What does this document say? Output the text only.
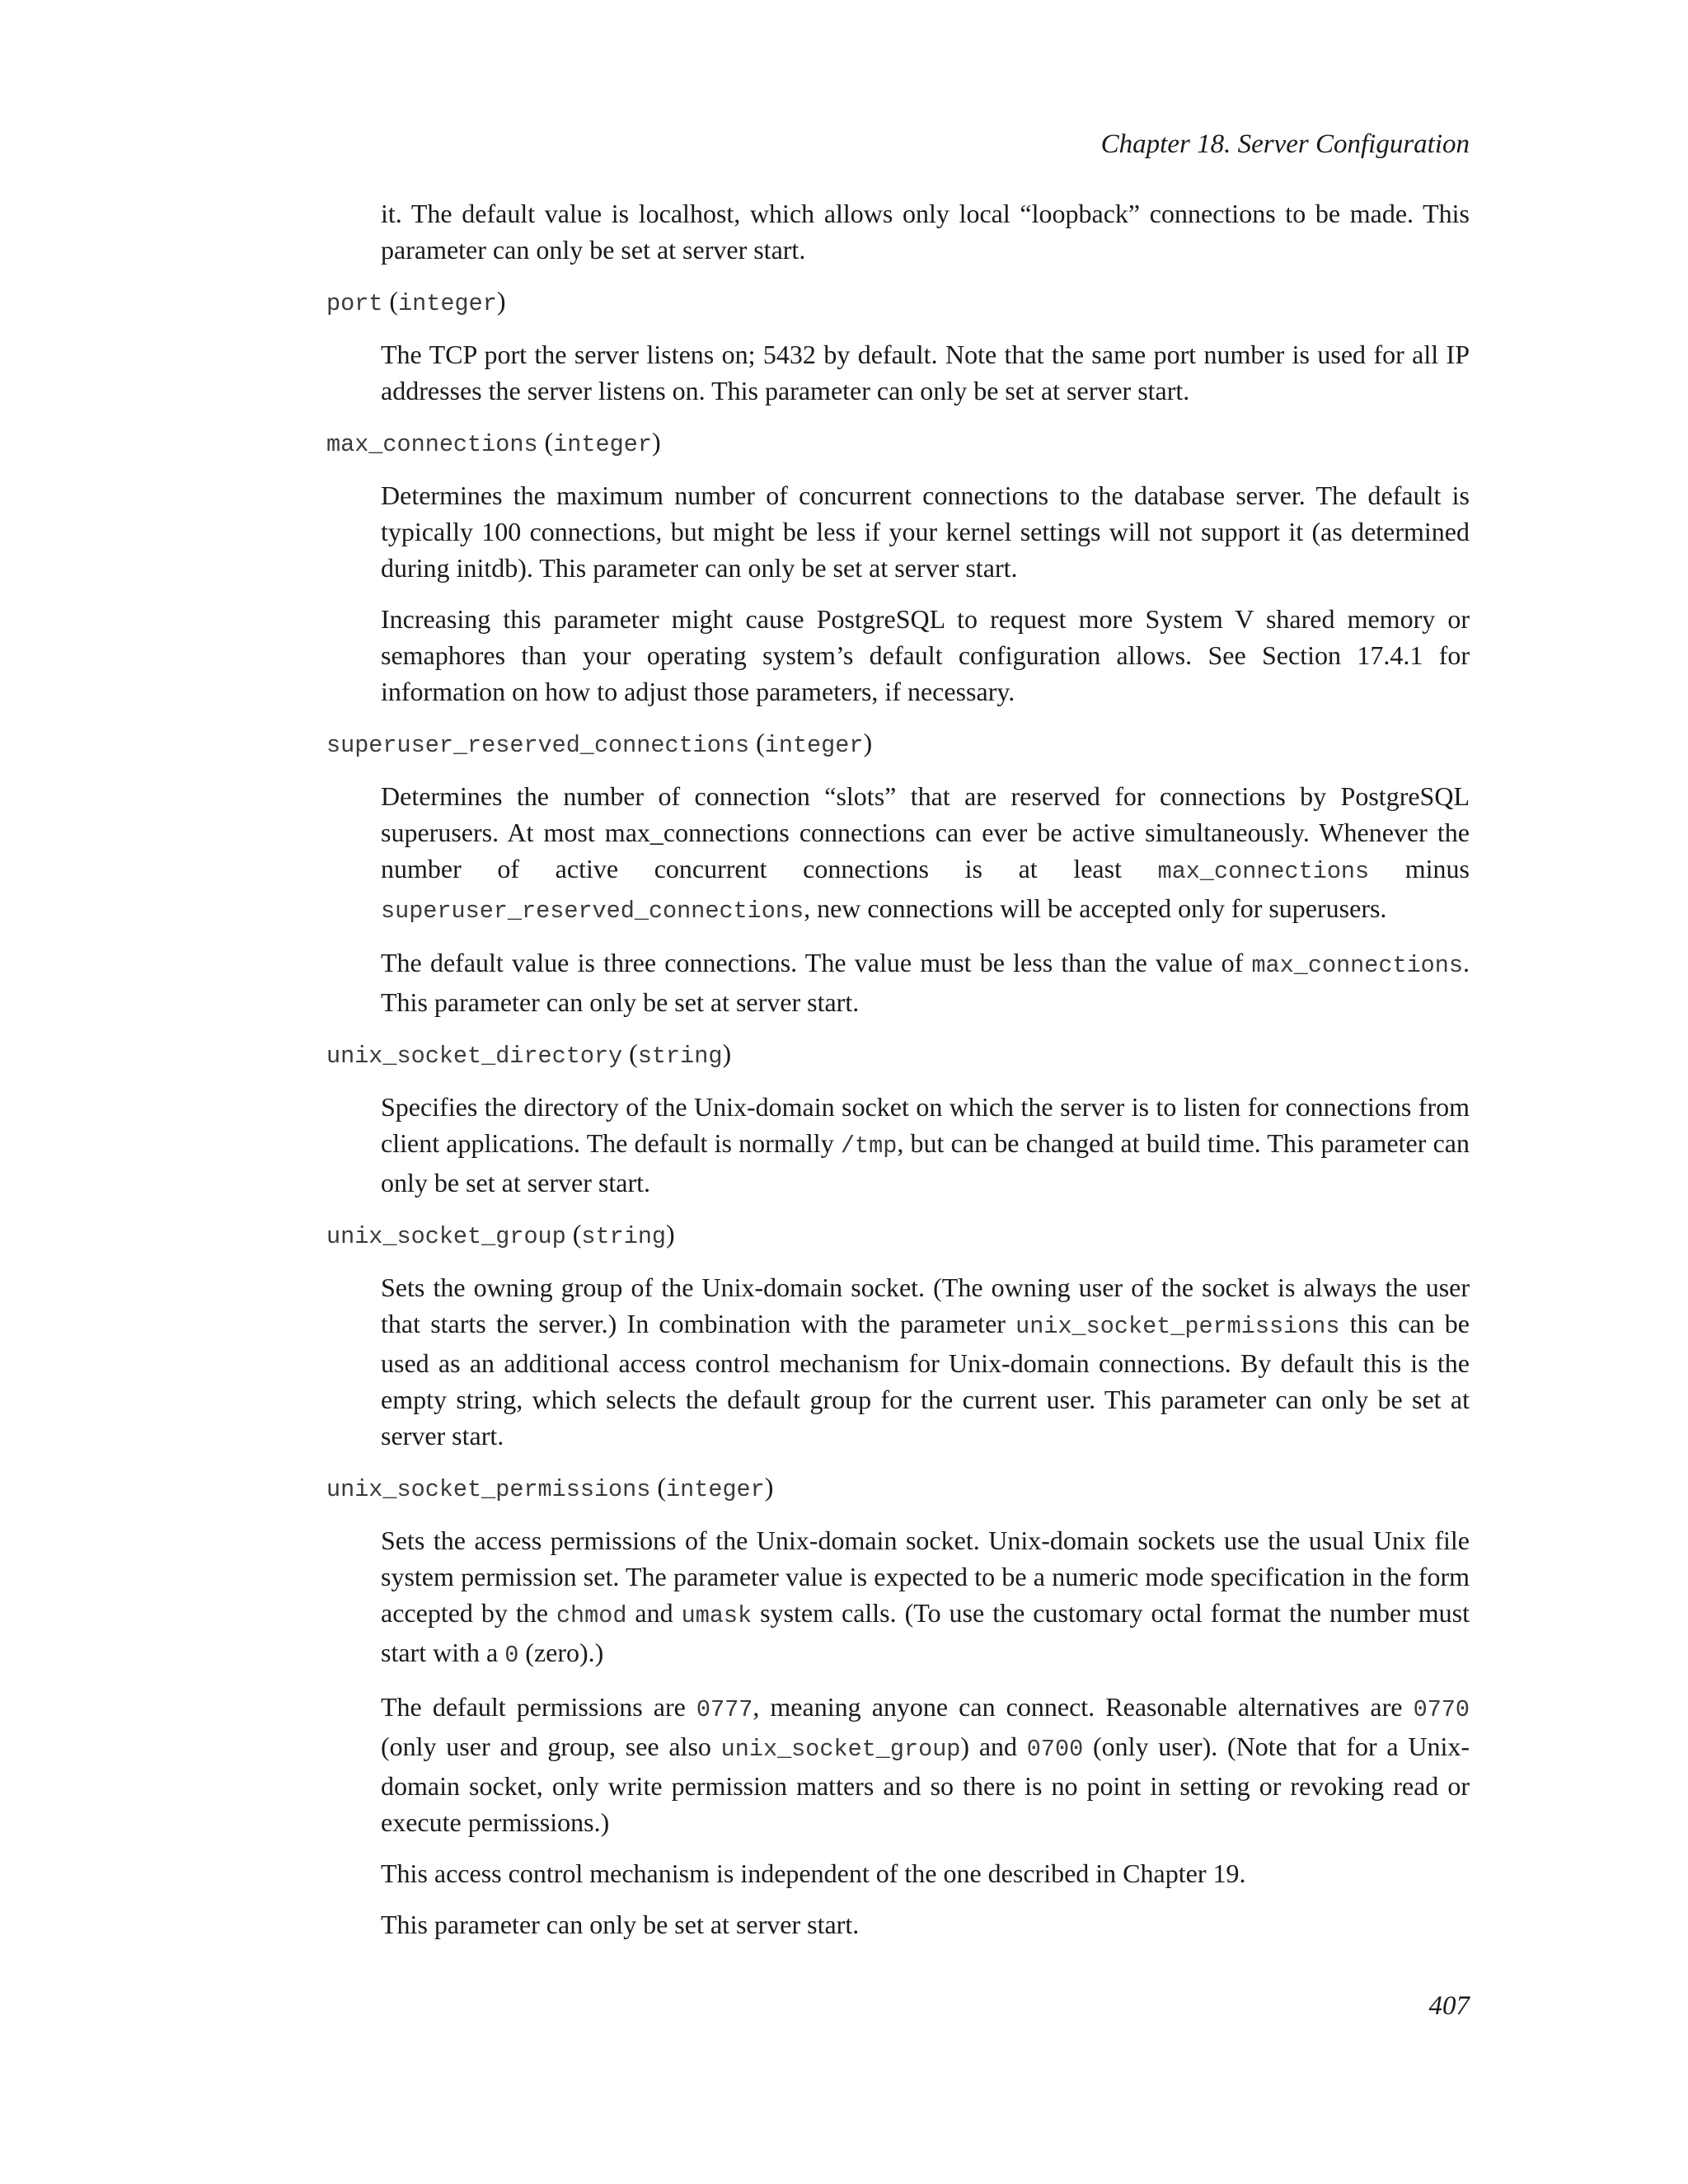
Chapter 18. Server Configuration

it. The default value is localhost, which allows only local “loopback” connections to be made. This parameter can only be set at server start.

port (integer)

The TCP port the server listens on; 5432 by default. Note that the same port number is used for all IP addresses the server listens on. This parameter can only be set at server start.

max_connections (integer)

Determines the maximum number of concurrent connections to the database server. The default is typically 100 connections, but might be less if your kernel settings will not support it (as determined during initdb). This parameter can only be set at server start.

Increasing this parameter might cause PostgreSQL to request more System V shared memory or semaphores than your operating system’s default configuration allows. See Section 17.4.1 for information on how to adjust those parameters, if necessary.

superuser_reserved_connections (integer)

Determines the number of connection “slots” that are reserved for connections by PostgreSQL superusers. At most max_connections connections can ever be active simultaneously. Whenever the number of active concurrent connections is at least max_connections minus superuser_reserved_connections, new connections will be accepted only for superusers.

The default value is three connections. The value must be less than the value of max_connections. This parameter can only be set at server start.

unix_socket_directory (string)

Specifies the directory of the Unix-domain socket on which the server is to listen for connections from client applications. The default is normally /tmp, but can be changed at build time. This parameter can only be set at server start.

unix_socket_group (string)

Sets the owning group of the Unix-domain socket. (The owning user of the socket is always the user that starts the server.) In combination with the parameter unix_socket_permissions this can be used as an additional access control mechanism for Unix-domain connections. By default this is the empty string, which selects the default group for the current user. This parameter can only be set at server start.

unix_socket_permissions (integer)

Sets the access permissions of the Unix-domain socket. Unix-domain sockets use the usual Unix file system permission set. The parameter value is expected to be a numeric mode specification in the form accepted by the chmod and umask system calls. (To use the customary octal format the number must start with a 0 (zero).)

The default permissions are 0777, meaning anyone can connect. Reasonable alternatives are 0770 (only user and group, see also unix_socket_group) and 0700 (only user). (Note that for a Unix-domain socket, only write permission matters and so there is no point in setting or revoking read or execute permissions.)

This access control mechanism is independent of the one described in Chapter 19.

This parameter can only be set at server start.

407
